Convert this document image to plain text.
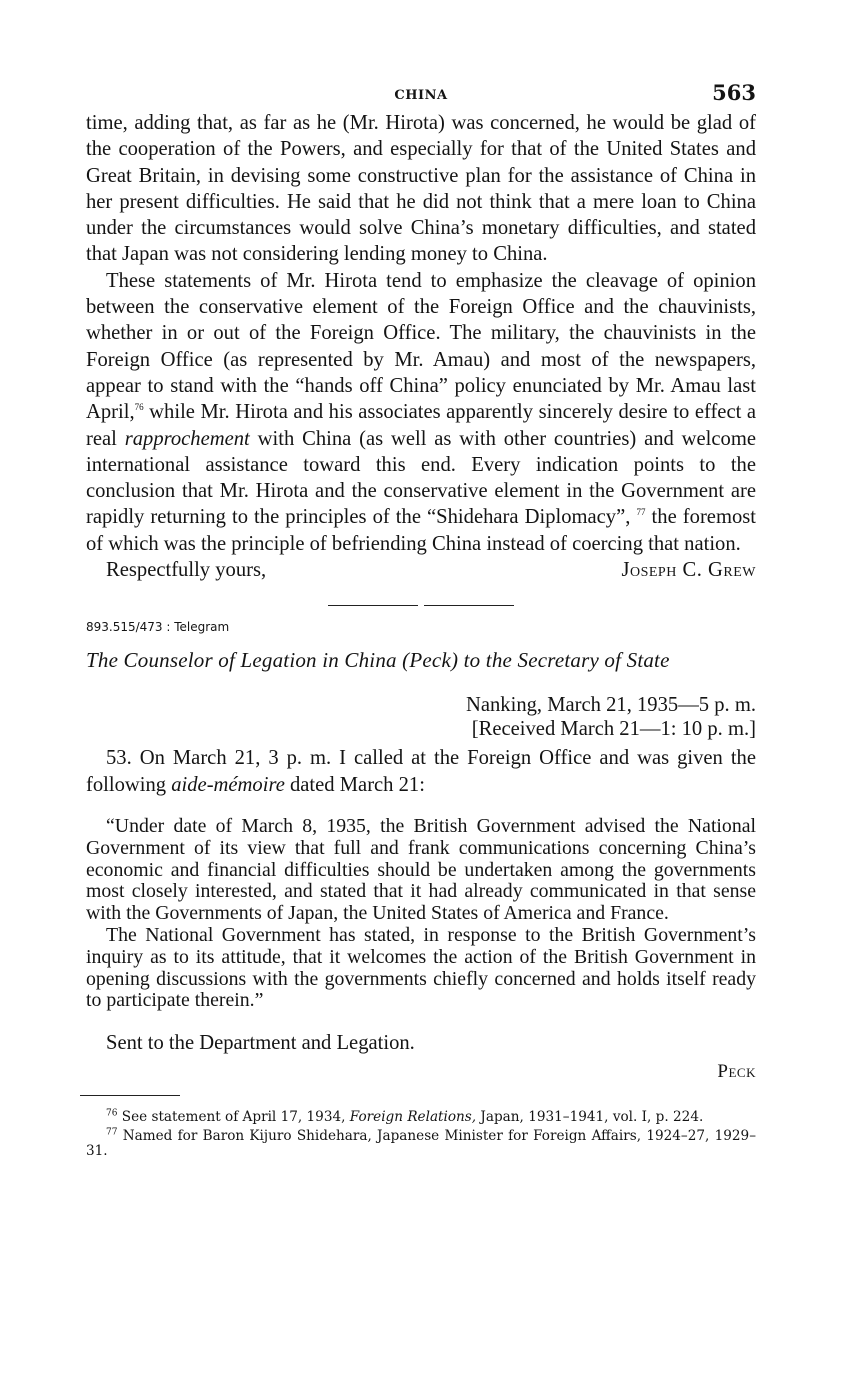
CHINA	563

time, adding that, as far as he (Mr. Hirota) was concerned, he would be glad of the cooperation of the Powers, and especially for that of the United States and Great Britain, in devising some constructive plan for the assistance of China in her present difficulties. He said that he did not think that a mere loan to China under the circumstances would solve China’s monetary difficulties, and stated that Japan was not considering lending money to China.

These statements of Mr. Hirota tend to emphasize the cleavage of opinion between the conservative element of the Foreign Office and the chauvinists, whether in or out of the Foreign Office. The military, the chauvinists in the Foreign Office (as represented by Mr. Amau) and most of the newspapers, appear to stand with the “hands off China” policy enunciated by Mr. Amau last April,$^{76}$ while Mr. Hirota and his associates apparently sincerely desire to effect a real rapprochement with China (as well as with other countries) and welcome international assistance toward this end. Every indication points to the conclusion that Mr. Hirota and the conservative element in the Government are rapidly returning to the principles of the “Shidehara Diplomacy”, $^{77}$ the foremost of which was the principle of befriending China instead of coercing that nation.

Respectfully yours,	Joseph C. Grew
893.515/473 : Telegram
The Counselor of Legation in China (Peck) to the Secretary of State
Nanking, March 21, 1935—5 p. m.
[Received March 21—1: 10 p. m.]

53. On March 21, 3 p. m. I called at the Foreign Office and was given the following aide-mémoire dated March 21:

“Under date of March 8, 1935, the British Government advised the National Government of its view that full and frank communications concerning China’s economic and financial difficulties should be undertaken among the governments most closely interested, and stated that it had already communicated in that sense with the Governments of Japan, the United States of America and France.

The National Government has stated, in response to the British Government’s inquiry as to its attitude, that it welcomes the action of the British Government in opening discussions with the governments chiefly concerned and holds itself ready to participate therein.”

Sent to the Department and Legation.
Peck

$^{76}$ See statement of April 17, 1934, Foreign Relations, Japan, 1931–1941, vol. I, p. 224.

$^{77}$ Named for Baron Kijuro Shidehara, Japanese Minister for Foreign Affairs, 1924–27, 1929–31.
